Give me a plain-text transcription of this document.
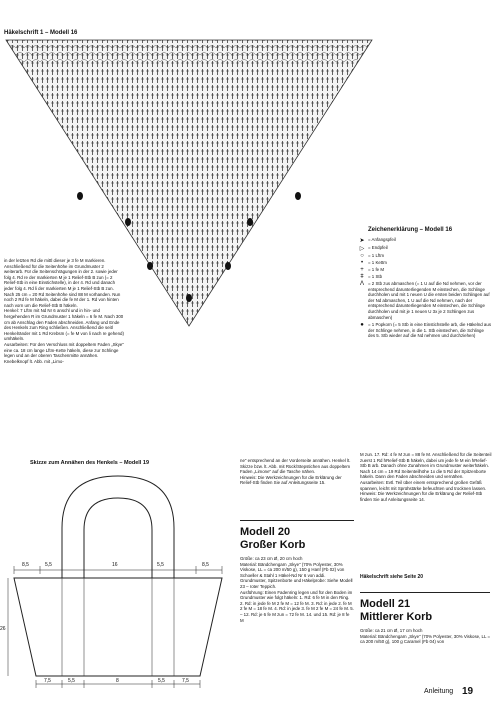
Häkelschrift 1 – Modell 16
in der letzten Rd die mittl dieser je 3 fe M markieren. Anschließend für die Seitenhöhe im Grundmuster 2 weiterarb. Für die Seitenschrägungen in der 2. sowie jeder folg 4. Rd re der markierten M je 1 Relief-Stb B zun (= 2 Relief-Stb in eine Einstichstelle), in der 4. Rd und danach jeder folg 4. Rd li der markierten M je 1 Relief-Stb B zun. Nach 25 cm = 20 Rd Seitenhöhe sind 88 M vorhanden. Nun noch 2 Rd fe M häkeln, dabei die fe M der 1. Rd von hinten nach vorn um die Relief-Stb B häkeln.
Henkel: 7 Lftm mit Nd Nr 6 anschl und in hin- und hergehenden R im Grundmuster 1 häkeln = 6 fe M. Nach 300 cm ab Anschlag den Faden abschneiden. Anfang und Ende des Henkels zum Ring schließen. Anschließend die seitl Henkelränder mit 1 Rd Krebsm (= fe M von li nach re gehend) umhäkeln.
Ausarbeiten: Für den Verschluss mit doppeltem Faden „Skye" eine ca. 18 cm lange Lftm-Kette häkeln, diese zur Schlinge legen und an der oberen Taschenmitte annähen. Knebelknopf lt. Abb. mit „Limo-
Zeichenerklärung – Modell 16
➤ = Anfangspfeil
▷ = Endpfeil
○ = 1 Lftm
•	= 1 Kettm
+ = 1 fe M
ǂ = 1 Stb
Λ = 2 Stb zus abmaschen (= 1 U auf die Nd nehmen, vor der entsprechend darunterliegenden M einstechen, die Schlinge durchholen und mit 1 neuen U die ersten beiden Schlingen auf der Nd abmaschen, 1 U auf die Nd nehmen, nach der entsprechend darunterliegenden M einstechen, die Schlinge durchholen und mit je 1 neuen U 3x je 2 Schlingen zus abmaschen)
● = 1 Popkorn (= 5 Stb in eine Einstichstelle arb, die Häkelnd aus der Schlinge nehmen, in die 1. Stb einstechen, die Schlinge des 5. Stb wieder auf die Nd nehmen und durchziehen)
Skizze zum Annähen des Henkels – Modell 19
8,5	5,5	16	5,5	8,5
26
7,5	5,5	8	5,5	7,5
ne" entsprechend an der Vorderseite annähen. Henkel lt. Skizze bzw. lt. Abb. mit Rück/Stepstichen aus doppeltem Faden „Limone" auf die Tasche nähen.
Hinweis: Die Werkzeichnungen für die Erklärung der Relief-Stb finden Sie auf Anleitungsseite 15.
Modell 20
Großer Korb
Größe: ca 23 cm Ø, 20 cm hoch
Material: Bändchengarn „Skye" (70% Polyester, 30% Viskose, LL = ca 200 m/50 g), 150 g Hanf (Fb 02) von Schoeller & Stahl 1 Häkel-Nd Nr 6 von addi.
Grundmuster, Spitzenborte und Häkelprobe: Siehe Modell 23 – roter Teppich.
Ausführung: Einen Fadenring legen und für den Boden im Grundmuster wie folgt häkeln: 1. Rd: 6 fe M in den Ring. 2. Rd: in jede fe M 2 fe M = 12 fe M. 3. Rd: in jede 2. fe M 2 fe M = 18 fe M. 4. Rd: in jede 3. fe M 2 fe M = 24 fe M. 5. – 12. Rd: je 6 fe M zun = 72 fe M. 14. und 15. Rd: je 8 fe M
M zun. 17. Rd: 4 fe M zun = 88 fe M. Anschließend für die Seitenteil zuerst 1 Rd hRelief-Stb B häkeln, dabei um jede fe M ein hRelief-Stb B arb. Danach ohne Zunahmen im Grundmuster weiterhäkeln. Nach 14 cm = 19 Rd Seitenteilhöhe 1x die 5 Rd der Spitzenborte häkeln. Dann den Faden abschneiden und vernähen.
Ausarbeiten: Evtl. Teil über einem entsprechend großen Gefäß spannen, leicht mit Sprühstärke befeuchten und trocknen lassen.
Hinweis: Die Werkzeichnungen für die Erklärung der Relief-Stb finden Sie auf Anleitungsseite 14.
Häkelschrift siehe Seite 20
Modell 21
Mittlerer Korb
Größe: ca 21 cm Ø, 17 cm hoch
Material: Bändchengarn „Skye" (70% Polyester, 30% Viskose, LL = ca 200 m/50 g), 100 g Caramel (Fb 04) von
Anleitung 19
